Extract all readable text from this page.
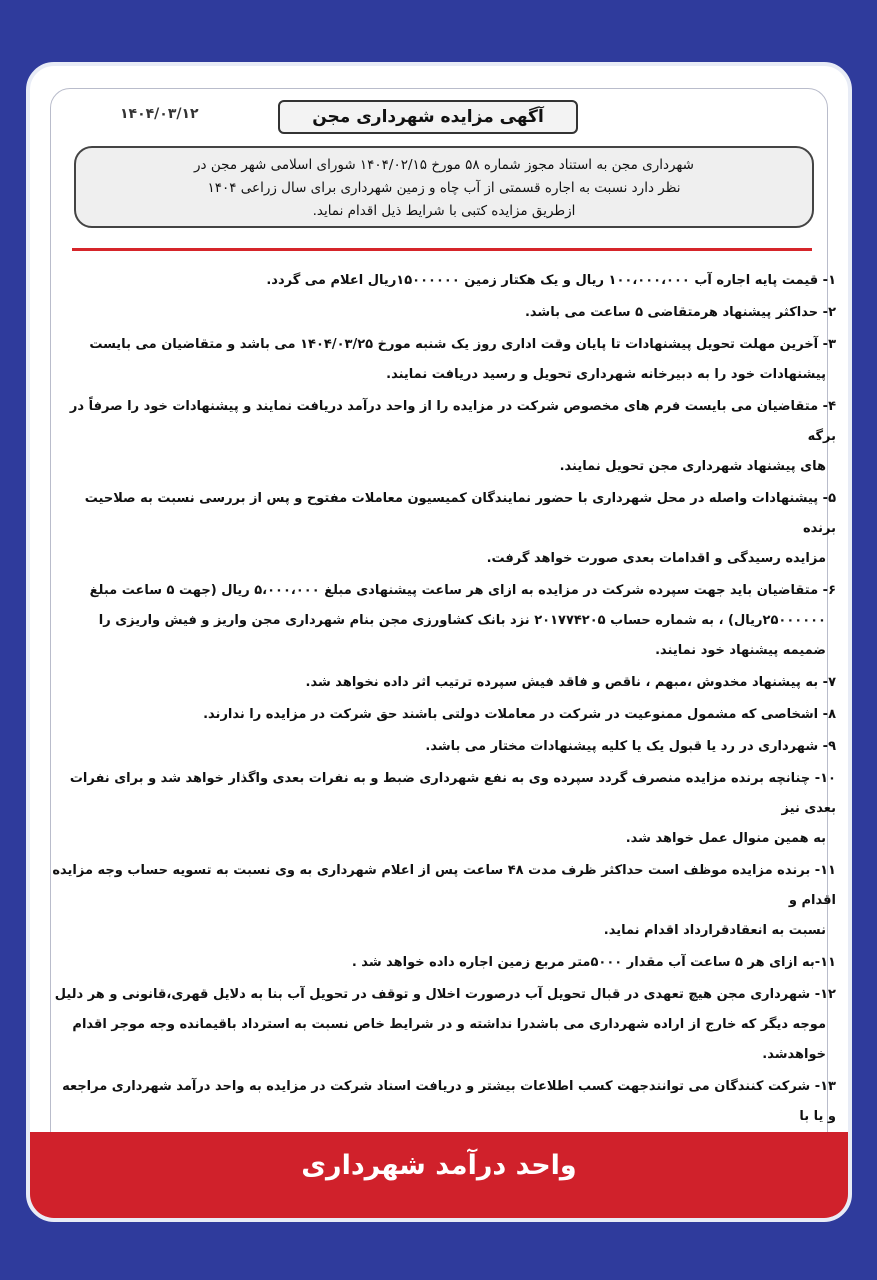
۱۴۰۴/۰۳/۱۲	آگهی مزایده شهرداری مجن
شهرداری مجن به استناد مجوز شماره ۵۸ مورخ ۱۴۰۴/۰۲/۱۵ شورای اسلامی شهر مجن در
نظر دارد نسبت به اجاره قسمتی از آب چاه و زمین شهرداری برای سال زراعی ۱۴۰۴
ازطریق مزایده کتبی با شرایط ذیل اقدام نماید.
۱- قیمت پایه اجاره آب ۱۰۰،۰۰۰،۰۰۰ ریال و یک هکتار زمین ۱۵۰۰۰۰۰۰ریال اعلام می گردد.
۲- حداکثر پیشنهاد هرمتقاضی ۵ ساعت می باشد.
۳- آخرین مهلت تحویل پیشنهادات تا پایان وقت اداری روز یک شنبه مورخ ۱۴۰۴/۰۳/۲۵ می باشد و متقاضیان می بایست
پیشنهادات خود را به دبیرخانه شهرداری تحویل و رسید دریافت نمایند.
۴- متقاضیان می بایست فرم های مخصوص شرکت در مزایده را از واحد درآمد دریافت نمایند و پیشنهادات خود را صرفاً در برگه
های پیشنهاد شهرداری مجن تحویل نمایند.
۵- پیشنهادات واصله در محل شهرداری با حضور نمایندگان کمیسیون معاملات مفتوح و پس از بررسی نسبت به صلاحیت برنده
مزایده رسیدگی و اقدامات بعدی صورت خواهد گرفت.
۶- متقاضیان باید جهت سپرده شرکت در مزایده به ازای هر ساعت پیشنهادی مبلغ ۵،۰۰۰،۰۰۰ ریال (جهت ۵ ساعت مبلغ
۲۵۰۰۰۰۰۰ریال) ، به شماره حساب ۲۰۱۷۷۴۲۰۵ نزد بانک کشاورزی مجن بنام شهرداری مجن واریز و فیش واریزی را ضمیمه پیشنهاد خود نمایند.
۷- به پیشنهاد مخدوش ،مبهم ، ناقص و فاقد فیش سپرده ترتیب اثر داده نخواهد شد.
۸- اشخاصی که مشمول ممنوعیت در شرکت در معاملات دولتی باشند حق شرکت در مزایده را ندارند.
۹- شهرداری در رد یا قبول یک یا کلیه پیشنهادات مختار می باشد.
۱۰- چنانچه برنده مزایده منصرف گردد سپرده وی به نفع شهرداری ضبط و به نفرات بعدی واگذار خواهد شد و برای نفرات بعدی نیز
به همین منوال عمل خواهد شد.
۱۱- برنده مزایده موظف است حداکثر ظرف مدت ۴۸ ساعت پس از اعلام شهرداری به وی نسبت به تسویه حساب وجه مزایده اقدام و
نسبت به انعقادقرارداد اقدام نماید.
۱۱-به ازای هر ۵ ساعت آب مقدار ۵۰۰۰متر مربع زمین اجاره داده خواهد شد .
۱۲- شهرداری مجن هیچ تعهدی در قبال تحویل آب درصورت اخلال و توقف در تحویل آب بنا به دلایل قهری،قانونی و هر دلیل
موجه دیگر که خارج از اراده شهرداری می باشدرا نداشته و در شرایط خاص نسبت به استرداد باقیمانده وجه موجر اقدام خواهدشد.
۱۳- شرکت کنندگان می توانندجهت کسب اطلاعات بیشتر و دریافت اسناد شرکت در مزایده به واحد درآمد شهرداری مراجعه و یا با
واحد درآمد شهرداری
